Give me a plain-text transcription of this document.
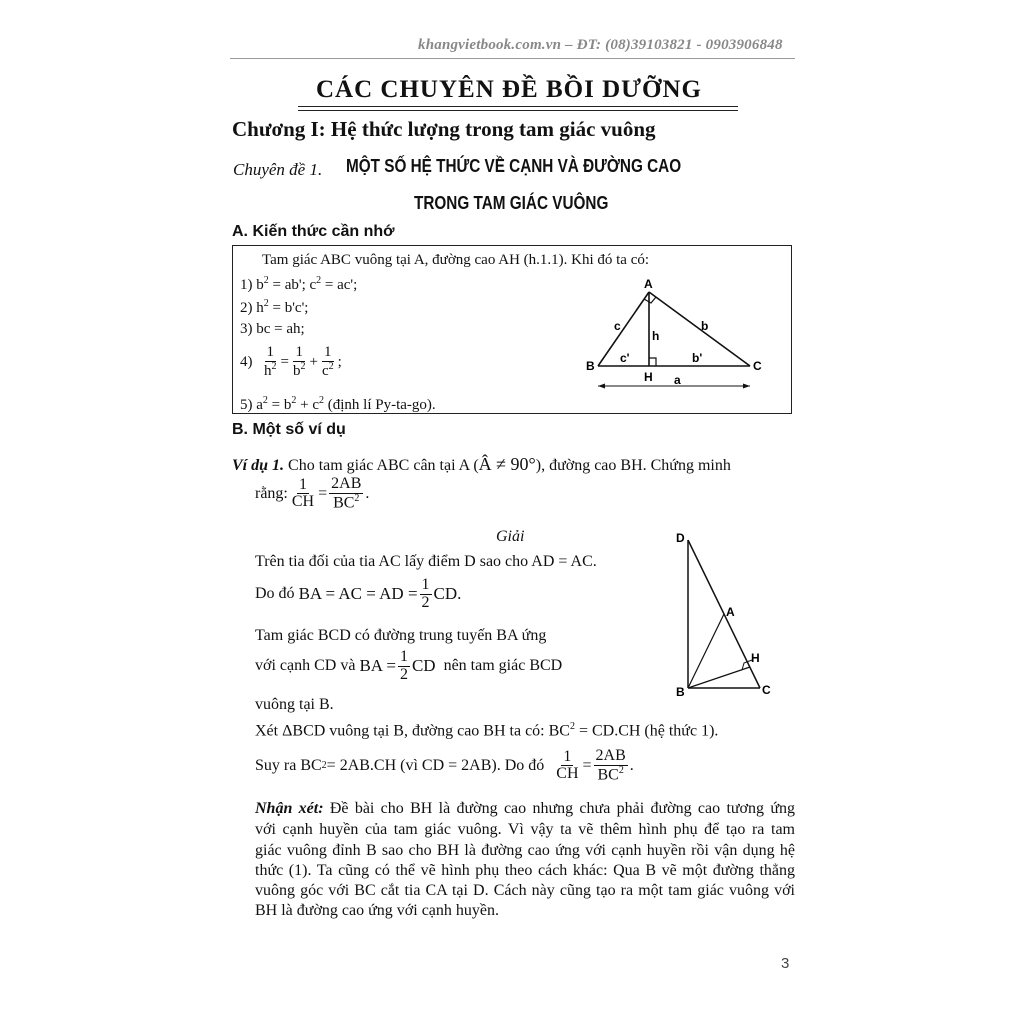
khangvietbook.com.vn – ĐT: (08)39103821 - 0903906848
CÁC CHUYÊN ĐỀ BỒI DƯỠNG
Chương I: Hệ thức lượng trong tam giác vuông
Chuyên đề 1. MỘT SỐ HỆ THỨC VỀ CẠNH VÀ ĐƯỜNG CAO
TRONG TAM GIÁC VUÔNG
A. Kiến thức cần nhớ
Tam giác ABC vuông tại A, đường cao AH (h.1.1). Khi đó ta có:
1) $b^2 = ab'$; $c^2 = ac'$;
2) $h^2 = b'c'$;
3) bc = ah;
4)
$\frac{1}{h^2} = \frac{1}{b^2} + \frac{1}{c^2}$ ;
5) $a^2 = b^2 + c^2$ (định lí Py-ta-go).
A
B	C
H
c	b
h
c'	b'
a
B. Một số ví dụ
Ví dụ 1. Cho tam giác ABC cân tại A (Â ≠ 90°), đường cao BH. Chứng minh
rằng: $\frac{1}{CH} = \frac{2AB}{BC^2}$ .
Giải
Trên tia đối của tia AC lấy điểm D sao cho AD = AC.
Do đó
BA = AC = AD = $\frac{1}{2}$ CD.
Tam giác BCD có đường trung tuyến BA ứng
với cạnh CD và
BA = $\frac{1}{2}$ CD
nên tam giác BCD
vuông tại B.
Xét ΔBCD vuông tại B, đường cao BH ta có: $BC^2 = CD.CH$ (hệ thức 1).
Suy ra BC 2 = 2AB.CH (vì CD = 2AB). Do đó
$\frac{1}{CH} = \frac{2AB}{BC^2}$ .
D
A
H
B	C
Nhận xét: Đề bài cho BH là đường cao nhưng chưa phải đường cao tương ứng
với cạnh huyền của tam giác vuông. Vì vậy ta vẽ thêm hình phụ để tạo ra tam
giác vuông đỉnh B sao cho BH là đường cao ứng với cạnh huyền rồi vận dụng hệ
thức (1). Ta cũng có thể vẽ hình phụ theo cách khác: Qua B vẽ một đường thẳng
vuông góc với BC cắt tia CA tại D. Cách này cũng tạo ra một tam giác vuông với
BH là đường cao ứng với cạnh huyền.
3
